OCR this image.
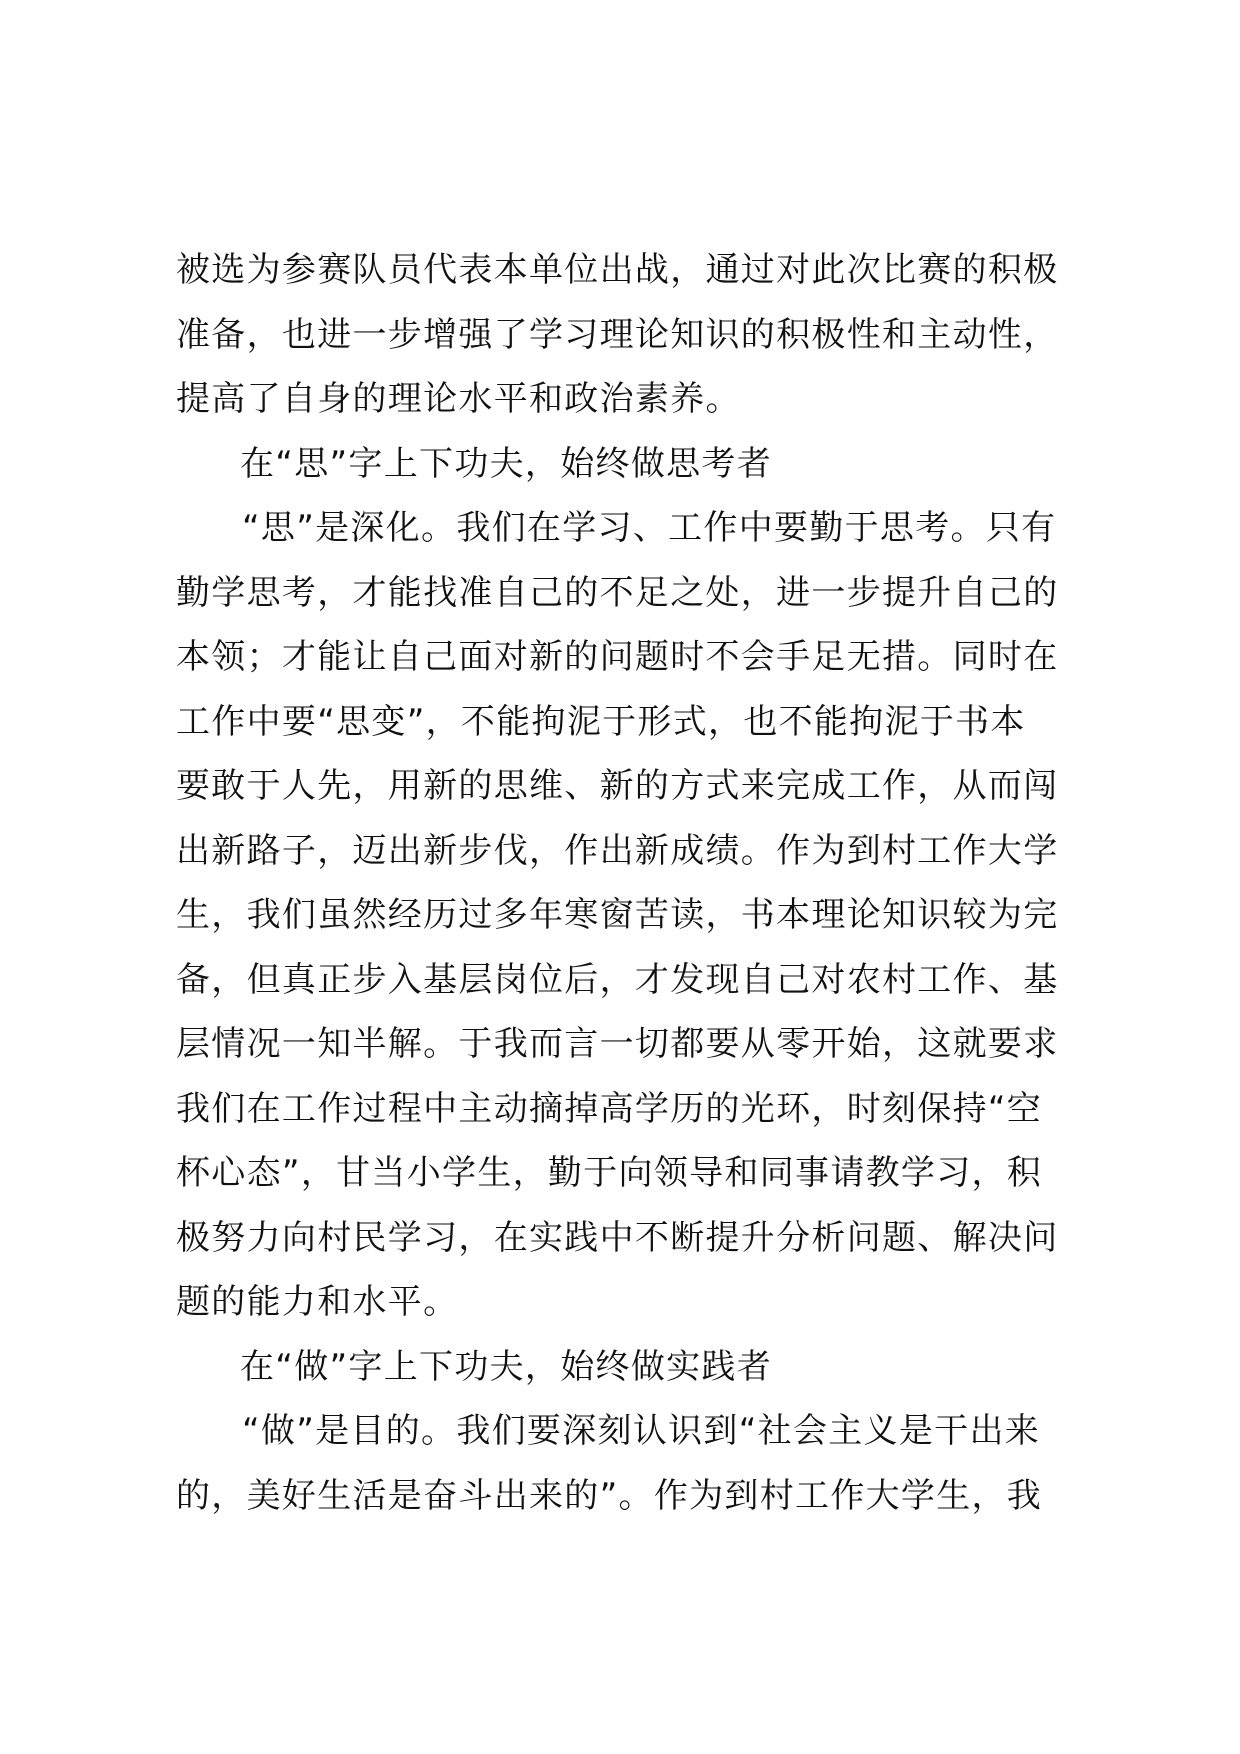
被选为参赛队员代表本单位出战，通过对此次比赛的积极
准备，也进一步增强了学习理论知识的积极性和主动性，
提高了自身的理论水平和政治素养。
在“思”字上下功夫，始终做思考者
“思”是深化。我们在学习、工作中要勤于思考。只有
勤学思考，才能找准自己的不足之处，进一步提升自己的
本领；才能让自己面对新的问题时不会手足无措。同时在
工作中要“思变”，不能拘泥于形式，也不能拘泥于书本
要敢于人先，用新的思维、新的方式来完成工作，从而闯
出新路子，迈出新步伐，作出新成绩。作为到村工作大学
生，我们虽然经历过多年寒窗苦读，书本理论知识较为完
备，但真正步入基层岗位后，才发现自己对农村工作、基
层情况一知半解。于我而言一切都要从零开始，这就要求
我们在工作过程中主动摘掉高学历的光环，时刻保持“空
杯心态”，甘当小学生，勤于向领导和同事请教学习，积
极努力向村民学习，在实践中不断提升分析问题、解决问
题的能力和水平。
在“做”字上下功夫，始终做实践者
“做”是目的。我们要深刻认识到“社会主义是干出来
的，美好生活是奋斗出来的”。作为到村工作大学生，我
